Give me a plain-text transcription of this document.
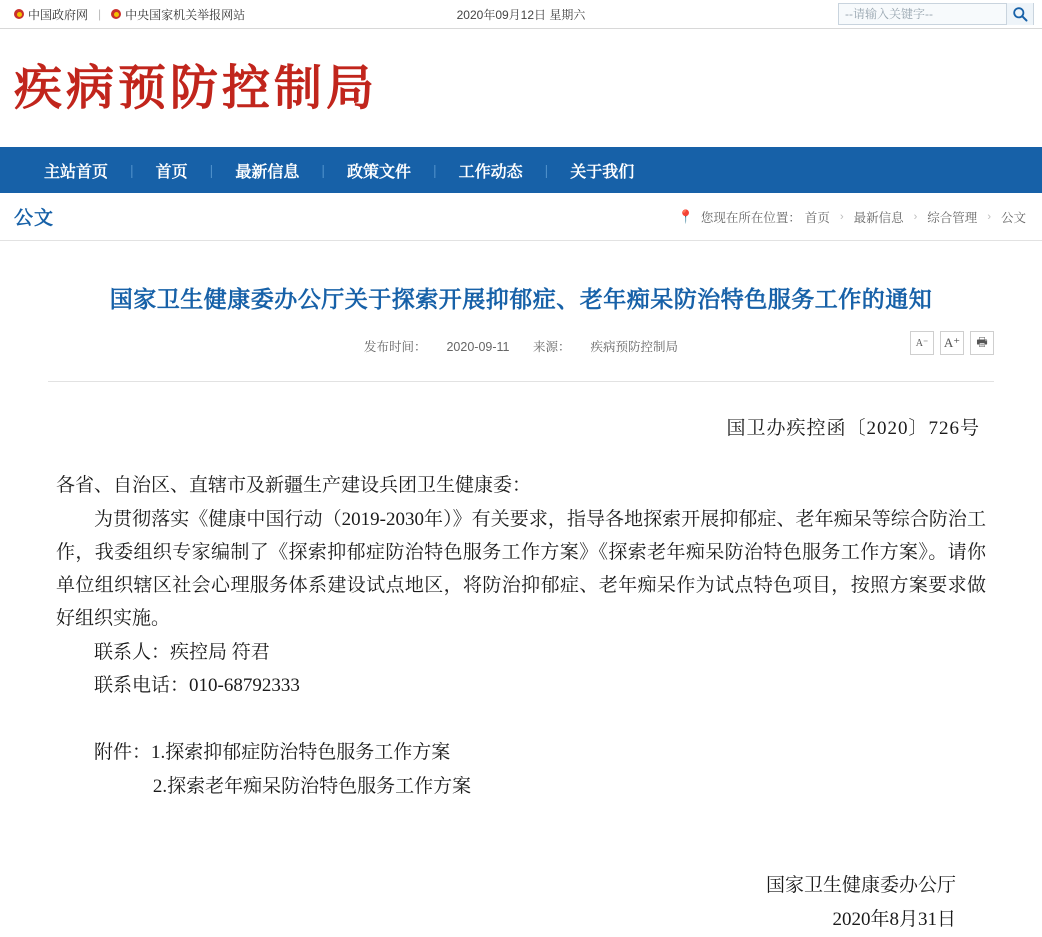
中国政府网 | 中央国家机关举报网站	2020年09月12日 星期六
--请输入关键字--
疾病预防控制局
主站首页	|	首页	|	最新信息	|	政策文件	|	工作动态	|	关于我们
公文	📍 您现在所在位置： 首页 › 最新信息 › 综合管理 › 公文
国家卫生健康委办公厅关于探索开展抑郁症、老年痴呆防治特色服务工作的通知
发布时间： 2020-09-11 来源： 疾病预防控制局	A⁻	A⁺	🖶

国卫办疾控函〔2020〕726号

各省、自治区、直辖市及新疆生产建设兵团卫生健康委：

为贯彻落实《健康中国行动（2019-2030年）》有关要求，指导各地探索开展抑郁症、老年痴呆等综合防治工作，我委组织专家编制了《探索抑郁症防治特色服务工作方案》《探索老年痴呆防治特色服务工作方案》。请你单位组织辖区社会心理服务体系建设试点地区，将防治抑郁症、老年痴呆作为试点特色项目，按照方案要求做好组织实施。

联系人：疾控局 符君

联系电话：010-68792333

附件：1.探索抑郁症防治特色服务工作方案
2.探索老年痴呆防治特色服务工作方案
国家卫生健康委办公厅
2020年8月31日
